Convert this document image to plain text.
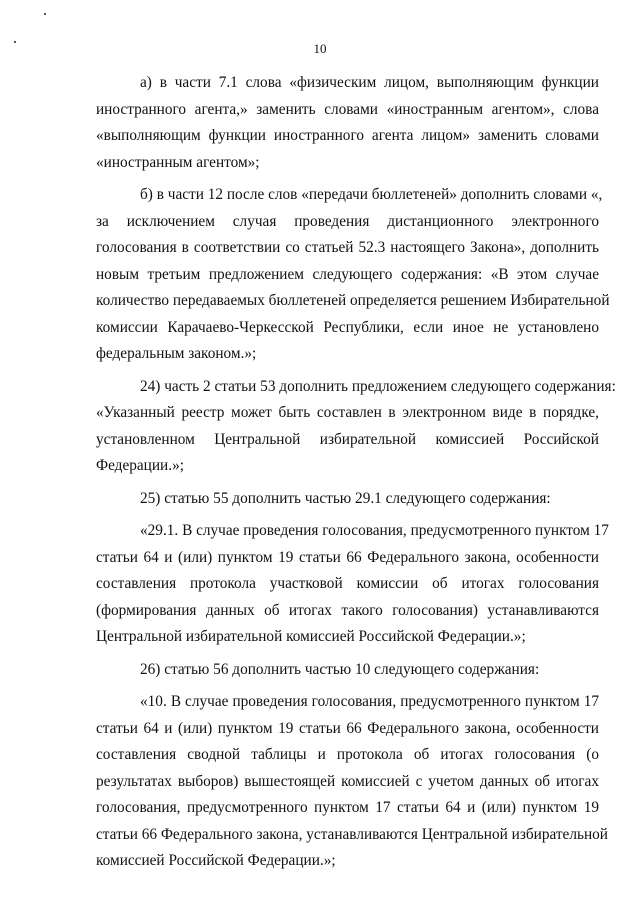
10
а) в части 7.1 слова «физическим лицом, выполняющим функции
иностранного агента,» заменить словами «иностранным агентом», слова
«выполняющим функции иностранного агента лицом» заменить словами
«иностранным агентом»;
б) в части 12 после слов «передачи бюллетеней» дополнить словами «,
за исключением случая проведения дистанционного электронного
голосования в соответствии со статьей 52.3 настоящего Закона», дополнить
новым третьим предложением следующего содержания: «В этом случае
количество передаваемых бюллетеней определяется решением Избирательной
комиссии Карачаево-Черкесской Республики, если иное не установлено
федеральным законом.»;
24) часть 2 статьи 53 дополнить предложением следующего содержания:
«Указанный реестр может быть составлен в электронном виде в порядке,
установленном Центральной избирательной комиссией Российской
Федерации.»;
25) статью 55 дополнить частью 29.1 следующего содержания:
«29.1. В случае проведения голосования, предусмотренного пунктом 17
статьи 64 и (или) пунктом 19 статьи 66 Федерального закона, особенности
составления протокола участковой комиссии об итогах голосования
(формирования данных об итогах такого голосования) устанавливаются
Центральной избирательной комиссией Российской Федерации.»;
26) статью 56 дополнить частью 10 следующего содержания:
«10. В случае проведения голосования, предусмотренного пунктом 17
статьи 64 и (или) пунктом 19 статьи 66 Федерального закона, особенности
составления сводной таблицы и протокола об итогах голосования (о
результатах выборов) вышестоящей комиссией с учетом данных об итогах
голосования, предусмотренного пунктом 17 статьи 64 и (или) пунктом 19
статьи 66 Федерального закона, устанавливаются Центральной избирательной
комиссией Российской Федерации.»;
